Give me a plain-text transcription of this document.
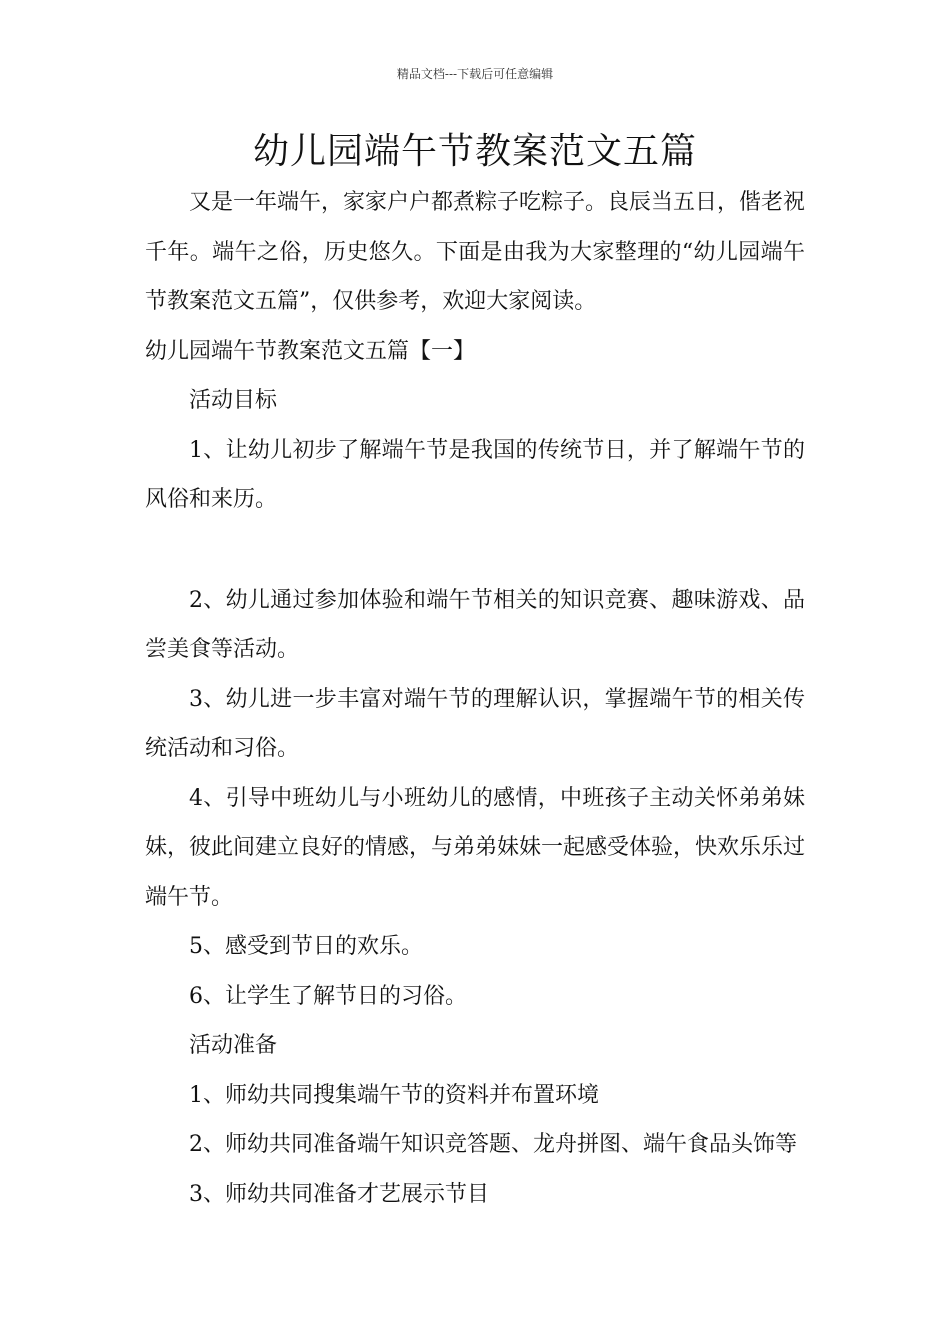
精品文档---下载后可任意编辑
幼儿园端午节教案范文五篇

又是一年端午，家家户户都煮粽子吃粽子。良辰当五日，偕老祝千年。端午之俗，历史悠久。下面是由我为大家整理的“幼儿园端午节教案范文五篇”，仅供参考，欢迎大家阅读。

幼儿园端午节教案范文五篇【一】

活动目标

1、让幼儿初步了解端午节是我国的传统节日，并了解端午节的风俗和来历。

2、幼儿通过参加体验和端午节相关的知识竞赛、趣味游戏、品尝美食等活动。

3、幼儿进一步丰富对端午节的理解认识，掌握端午节的相关传统活动和习俗。

4、引导中班幼儿与小班幼儿的感情，中班孩子主动关怀弟弟妹妹，彼此间建立良好的情感，与弟弟妹妹一起感受体验，快欢乐乐过端午节。

5、感受到节日的欢乐。

6、让学生了解节日的习俗。

活动准备

1、师幼共同搜集端午节的资料并布置环境

2、师幼共同准备端午知识竞答题、龙舟拼图、端午食品头饰等

3、师幼共同准备才艺展示节目
